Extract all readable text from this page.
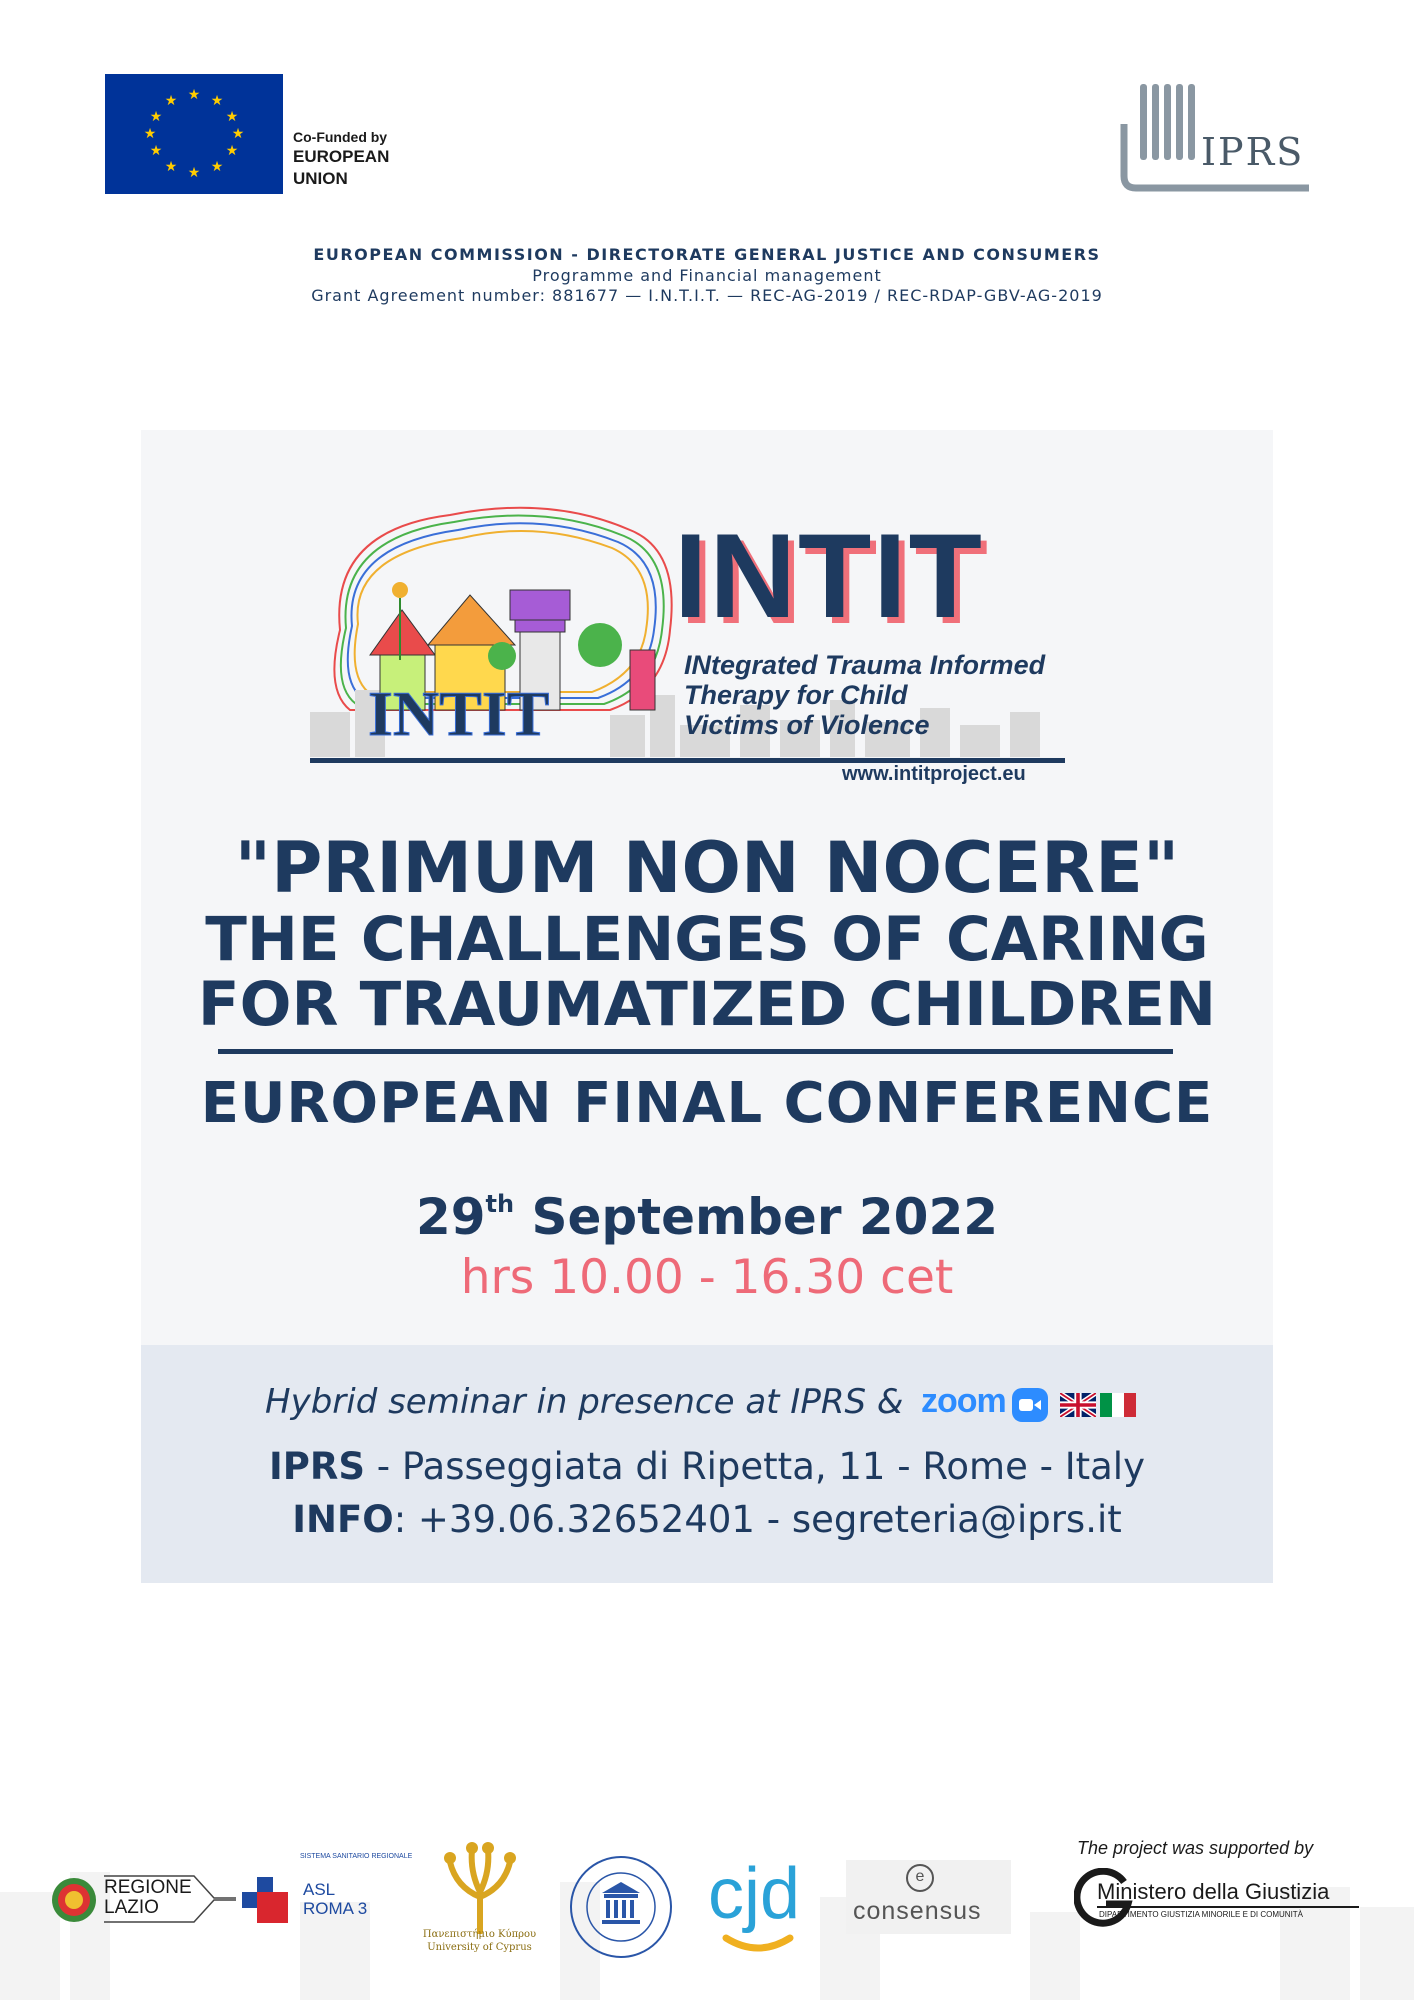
★ ★
★
★
★
★
★
★
★
★
★
★
Co-Funded by
EUROPEAN
UNION
IPRS
EUROPEAN COMMISSION - DIRECTORATE GENERAL JUSTICE AND CONSUMERS
Programme and Financial management
Grant Agreement number: 881677 — I.N.T.I.T. — REC-AG-2019 / REC-RDAP-GBV-AG-2019
INTIT
INTIT
INtegrated Trauma Informed
Therapy for Child
Victims of Violence
www.intitproject.eu
"PRIMUM NON NOCERE"
THE CHALLENGES OF CARING
FOR TRAUMATIZED CHILDREN
EUROPEAN FINAL CONFERENCE
29th September 2022
hrs 10.00 - 16.30 cet
Hybrid seminar in presence at IPRS & zoom
IPRS - Passeggiata di Ripetta, 11 - Rome - Italy
INFO: +39.06.32652401 - segreteria@iprs.it
The project was supported by
REGIONE
LAZIO
SISTEMA SANITARIO REGIONALE
ASL
ROMA 3
Πανεπιστήμιο Κύπρου
University of Cyprus
cjd	e
consensus
Ministero della Giustizia
DIPARTIMENTO GIUSTIZIA MINORILE E DI COMUNITÀ
